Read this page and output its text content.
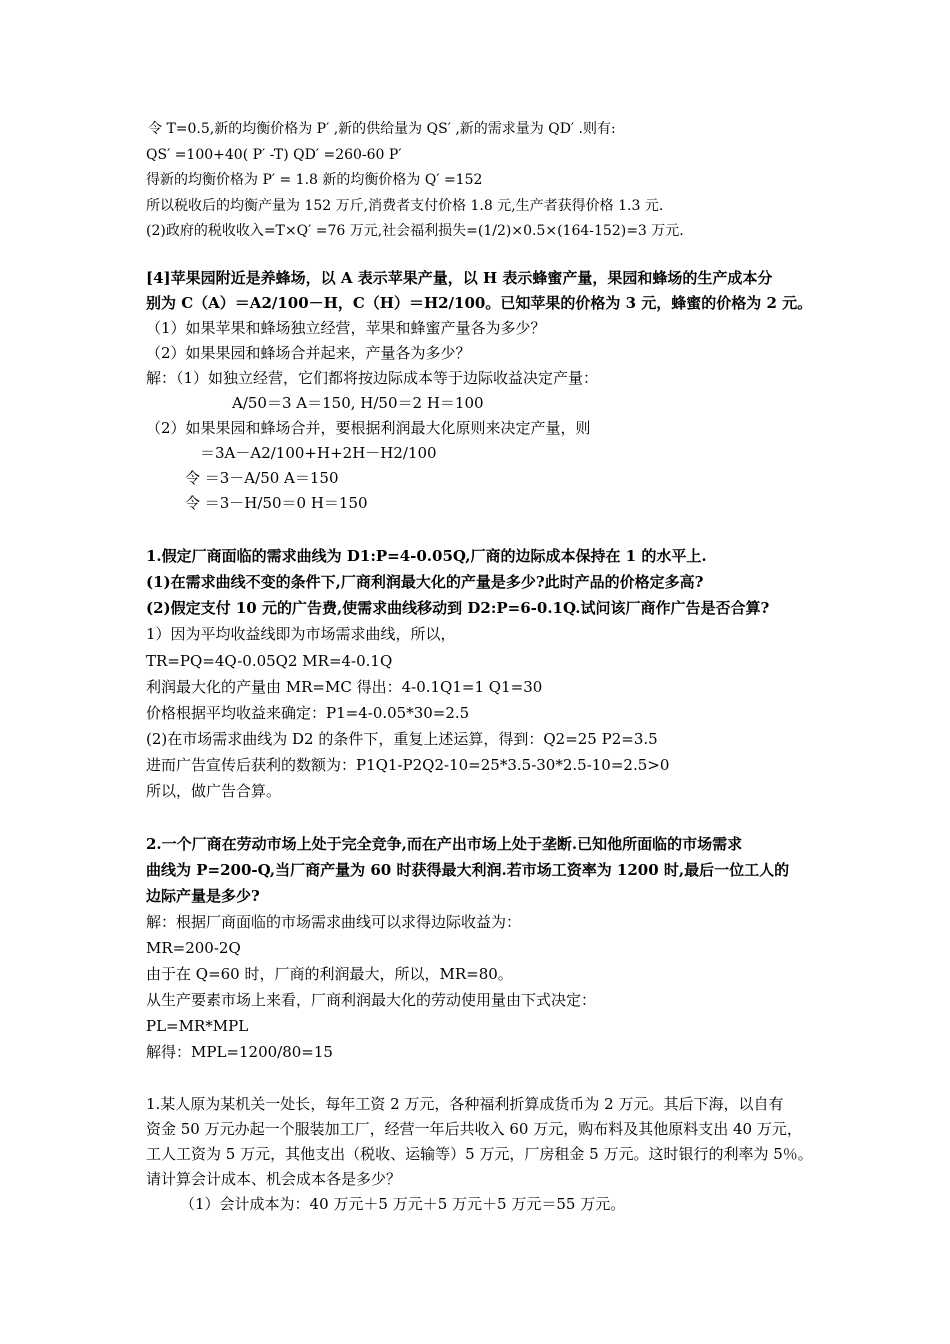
令 T=0.5,新的均衡价格为 P′ ,新的供给量为 QS′ ,新的需求量为 QD′ .则有:
QS′ =100+40( P′ -T) QD′ =260-60 P′
得新的均衡价格为 P′ = 1.8 新的均衡价格为 Q′ =152
所以税收后的均衡产量为 152 万斤,消费者支付价格 1.8 元,生产者获得价格 1.3 元.
(2)政府的税收收入=T×Q′ =76 万元,社会福利损失=(1/2)×0.5×(164-152)=3 万元.
[4]苹果园附近是养蜂场，以 A 表示苹果产量，以 H 表示蜂蜜产量，果园和蜂场的生产成本分
别为 C（A）＝A2/100－H，C（H）＝H2/100。已知苹果的价格为 3 元，蜂蜜的价格为 2 元。
（1）如果苹果和蜂场独立经营，苹果和蜂蜜产量各为多少？
（2）如果果园和蜂场合并起来，产量各为多少？
解：（1）如独立经营，它们都将按边际成本等于边际收益决定产量：
A/50＝3 A＝150, H/50＝2 H＝100
（2）如果果园和蜂场合并，要根据利润最大化原则来决定产量，则
＝3A－A2/100+H+2H－H2/100
令 ＝3－A/50 A＝150
令 ＝3－H/50＝0 H＝150
1.假定厂商面临的需求曲线为 D1:P=4-0.05Q,厂商的边际成本保持在 1 的水平上.
(1)在需求曲线不变的条件下,厂商利润最大化的产量是多少?此时产品的价格定多高?
(2)假定支付 10 元的广告费,使需求曲线移动到 D2:P=6-0.1Q.试问该厂商作广告是否合算?
1）因为平均收益线即为市场需求曲线，所以，
TR=PQ=4Q-0.05Q2 MR=4-0.1Q
利润最大化的产量由 MR=MC 得出：4-0.1Q1=1 Q1=30
价格根据平均收益来确定：P1=4-0.05*30=2.5
(2)在市场需求曲线为 D2 的条件下，重复上述运算，得到：Q2=25 P2=3.5
进而广告宣传后获利的数额为：P1Q1-P2Q2-10=25*3.5-30*2.5-10=2.5>0
所以，做广告合算。
2.一个厂商在劳动市场上处于完全竞争,而在产出市场上处于垄断.已知他所面临的市场需求
曲线为 P=200-Q,当厂商产量为 60 时获得最大利润.若市场工资率为 1200 时,最后一位工人的
边际产量是多少?
解：根据厂商面临的市场需求曲线可以求得边际收益为：
MR=200-2Q
由于在 Q=60 时，厂商的利润最大，所以，MR=80。
从生产要素市场上来看，厂商利润最大化的劳动使用量由下式决定：
PL=MR*MPL
解得：MPL=1200/80=15
1.某人原为某机关一处长，每年工资 2 万元，各种福利折算成货币为 2 万元。其后下海，以自有
资金 50 万元办起一个服装加工厂，经营一年后共收入 60 万元，购布料及其他原料支出 40 万元，
工人工资为 5 万元，其他支出（税收、运输等）5 万元，厂房租金 5 万元。这时银行的利率为 5％。
请计算会计成本、机会成本各是多少？
（1）会计成本为：40 万元＋5 万元＋5 万元＋5 万元＝55 万元。
